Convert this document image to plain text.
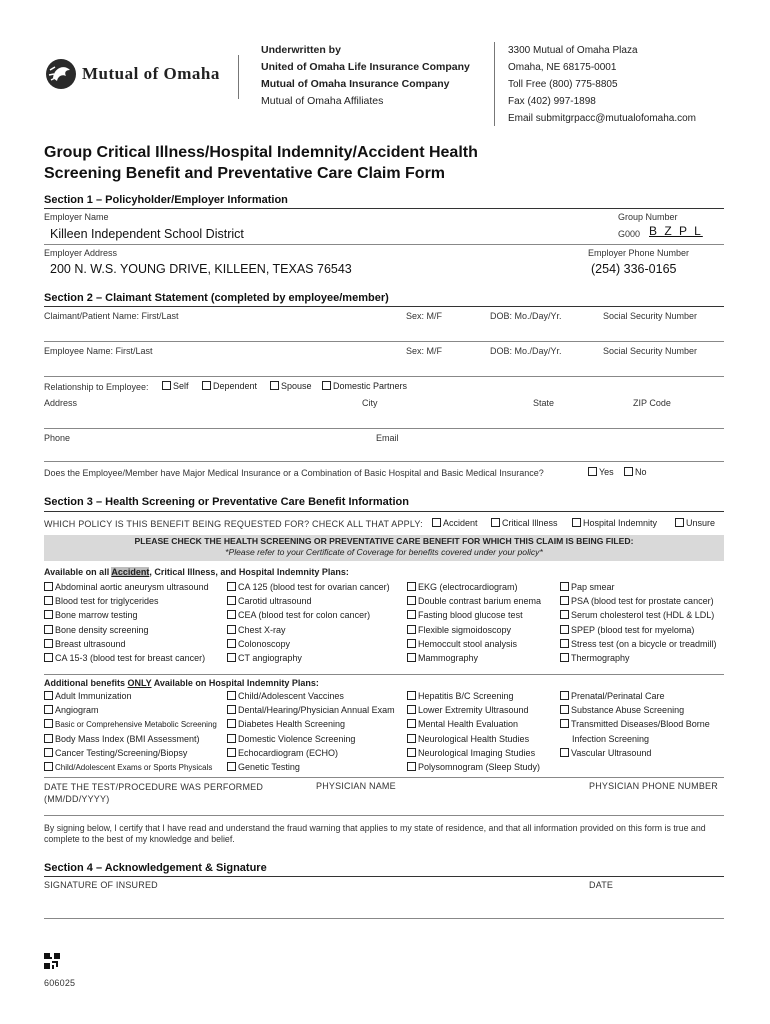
Mutual of Omaha
Underwritten by
United of Omaha Life Insurance Company
Mutual of Omaha Insurance Company
Mutual of Omaha Affiliates
3300 Mutual of Omaha Plaza
Omaha, NE 68175-0001
Toll Free (800) 775-8805
Fax (402) 997-1898
Email submitgrpacc@mutualofomaha.com
Group Critical Illness/Hospital Indemnity/Accident Health
Screening Benefit and Preventative Care Claim Form
Section 1 – Policyholder/Employer Information
Employer Name	Group Number
Killeen Independent School District	G000 B Z P L
Employer Address	Employer Phone Number
200 N. W.S. YOUNG DRIVE, KILLEEN, TEXAS 76543	(254) 336-0165
Section 2 – Claimant Statement (completed by employee/member)
Claimant/Patient Name: First/Last	Sex: M/F	DOB: Mo./Day/Yr.	Social Security Number
Employee Name: First/Last	Sex: M/F	DOB: Mo./Day/Yr.	Social Security Number
Relationship to Employee:	Self	Dependent	Spouse	Domestic Partners
Address	City	State	ZIP Code
Phone	Email
Does the Employee/Member have Major Medical Insurance or a Combination of Basic Hospital and Basic Medical Insurance?	Yes	No
Section 3 – Health Screening or Preventative Care Benefit Information
WHICH POLICY IS THIS BENEFIT BEING REQUESTED FOR? CHECK ALL THAT APPLY:	Accident	Critical Illness	Hospital Indemnity	Unsure
PLEASE CHECK THE HEALTH SCREENING OR PREVENTATIVE CARE BENEFIT FOR WHICH THIS CLAIM IS BEING FILED:
*Please refer to your Certificate of Coverage for benefits covered under your policy*
Available on all Accident, Critical Illness, and Hospital Indemnity Plans:
Abdominal aortic aneurysm ultrasound
Blood test for triglycerides
Bone marrow testing
Bone density screening
Breast ultrasound
CA 15-3 (blood test for breast cancer)
CA 125 (blood test for ovarian cancer)
Carotid ultrasound
CEA (blood test for colon cancer)
Chest X-ray
Colonoscopy
CT angiography
EKG (electrocardiogram)
Double contrast barium enema
Fasting blood glucose test
Flexible sigmoidoscopy
Hemoccult stool analysis
Mammography
Pap smear
PSA (blood test for prostate cancer)
Serum cholesterol test (HDL & LDL)
SPEP (blood test for myeloma)
Stress test (on a bicycle or treadmill)
Thermography
Additional benefits ONLY Available on Hospital Indemnity Plans:
Adult Immunization
Angiogram
Basic or Comprehensive Metabolic Screening
Body Mass Index (BMI Assessment)
Cancer Testing/Screening/Biopsy
Child/Adolescent Exams or Sports Physicals
Child/Adolescent Vaccines
Dental/Hearing/Physician Annual Exam
Diabetes Health Screening
Domestic Violence Screening
Echocardiogram (ECHO)
Genetic Testing
Hepatitis B/C Screening
Lower Extremity Ultrasound
Mental Health Evaluation
Neurological Health Studies
Neurological Imaging Studies
Polysomnogram (Sleep Study)
Prenatal/Perinatal Care
Substance Abuse Screening
Transmitted Diseases/Blood Borne
Infection Screening
Vascular Ultrasound
DATE THE TEST/PROCEDURE WAS PERFORMED
(MM/DD/YYYY)
PHYSICIAN NAME	PHYSICIAN PHONE NUMBER
By signing below, I certify that I have read and understand the fraud warning that applies to my state of residence, and that all information provided on this form is true and complete to the best of my knowledge and belief.
Section 4 – Acknowledgement & Signature
SIGNATURE OF INSURED	DATE
606025
